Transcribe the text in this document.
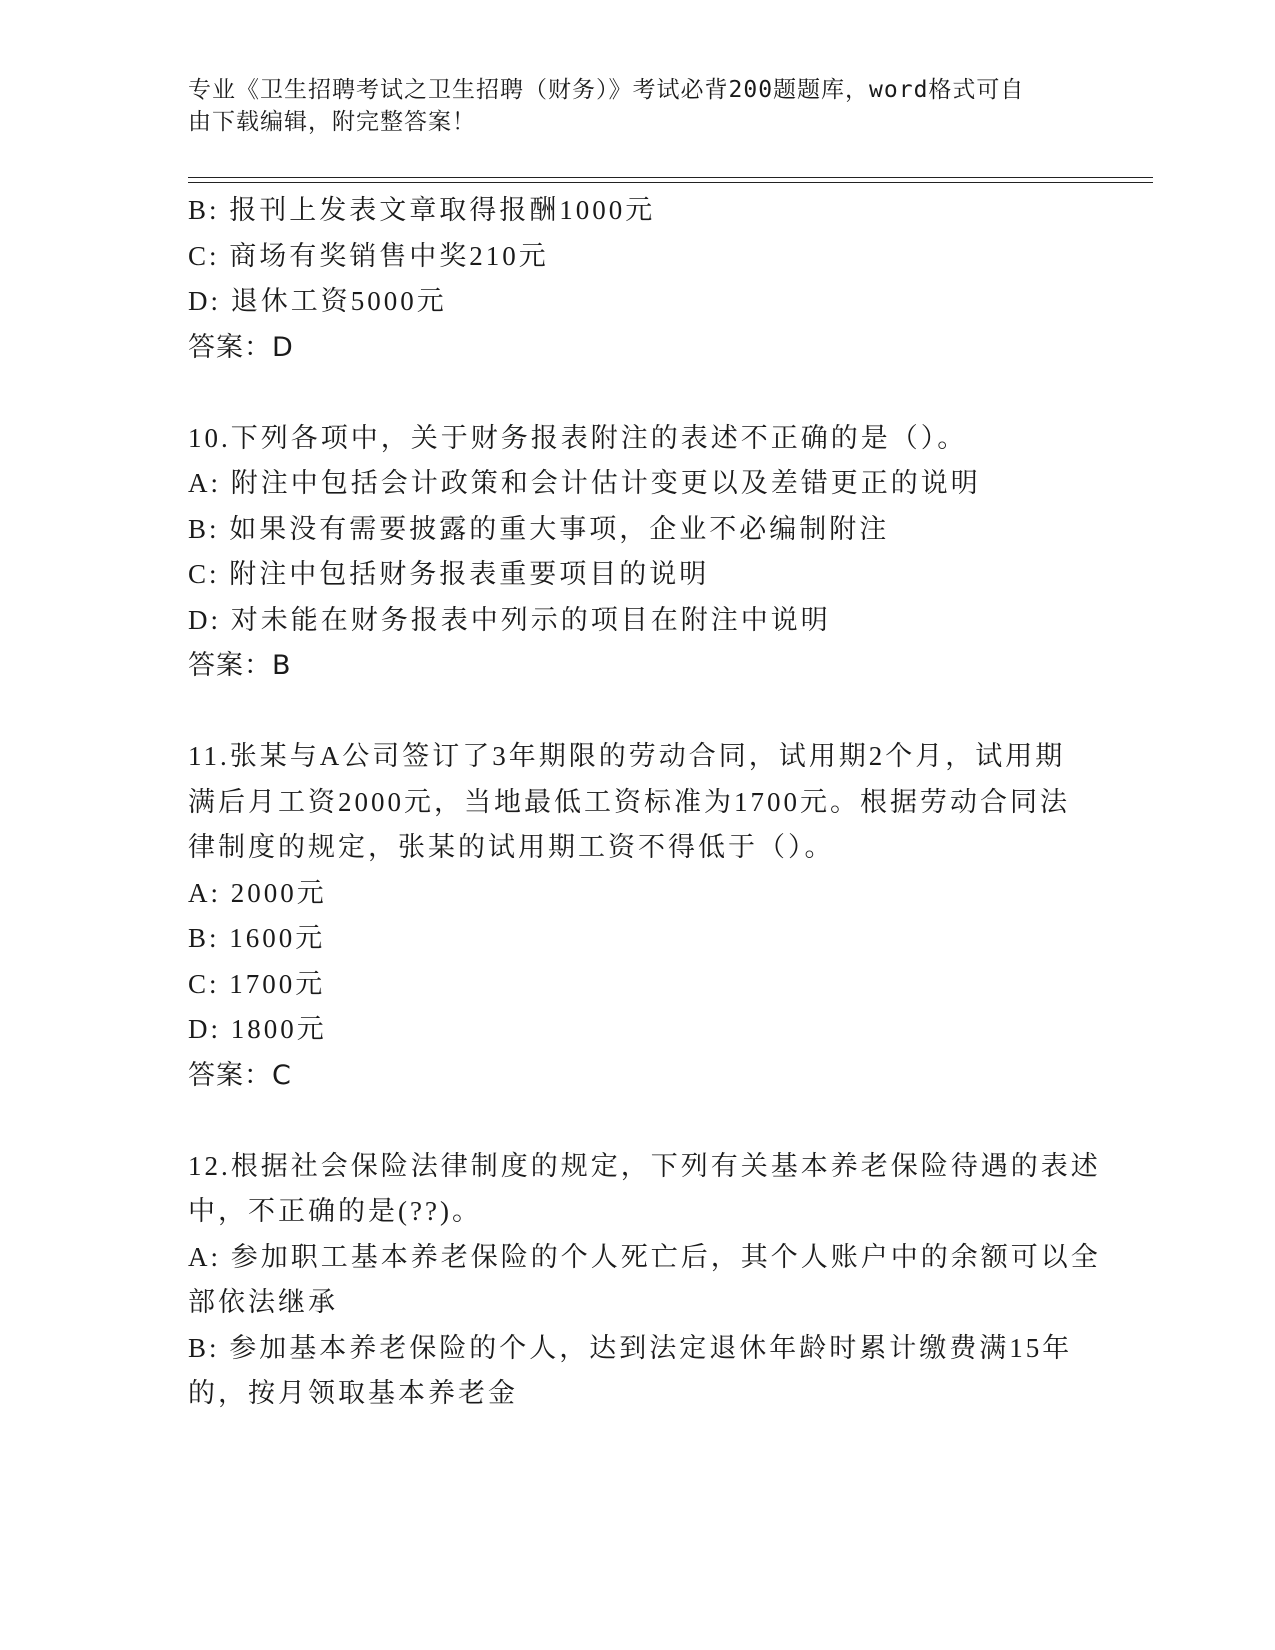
专业《卫生招聘考试之卫生招聘（财务）》考试必背200题题库，word格式可自
由下载编辑，附完整答案！
B: 报刊上发表文章取得报酬1000元
C: 商场有奖销售中奖210元
D: 退休工资5000元
答案：D
10.下列各项中，关于财务报表附注的表述不正确的是（）。
A: 附注中包括会计政策和会计估计变更以及差错更正的说明
B: 如果没有需要披露的重大事项，企业不必编制附注
C: 附注中包括财务报表重要项目的说明
D: 对未能在财务报表中列示的项目在附注中说明
答案：B
11.张某与A公司签订了3年期限的劳动合同，试用期2个月，试用期
满后月工资2000元，当地最低工资标准为1700元。根据劳动合同法
律制度的规定，张某的试用期工资不得低于（）。
A: 2000元
B: 1600元
C: 1700元
D: 1800元
答案：C
12.根据社会保险法律制度的规定，下列有关基本养老保险待遇的表述
中，不正确的是(??)。
A: 参加职工基本养老保险的个人死亡后，其个人账户中的余额可以全
部依法继承
B: 参加基本养老保险的个人，达到法定退休年龄时累计缴费满15年
的，按月领取基本养老金
